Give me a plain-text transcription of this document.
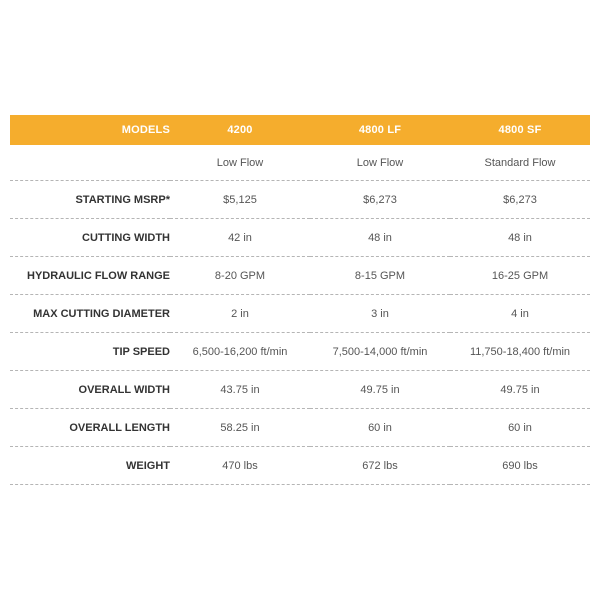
MODELS	4200	4800 LF	4800 SF
	Low Flow	Low Flow	Standard Flow
STARTING MSRP*	$5,125	$6,273	$6,273
CUTTING WIDTH	42 in	48 in	48 in
HYDRAULIC FLOW RANGE	8-20 GPM	8-15 GPM	16-25 GPM
MAX CUTTING DIAMETER	2 in	3 in	4 in
TIP SPEED	6,500-16,200 ft/min	7,500-14,000 ft/min	11,750-18,400 ft/min
OVERALL WIDTH	43.75 in	49.75 in	49.75 in
OVERALL LENGTH	58.25 in	60 in	60 in
WEIGHT	470 lbs	672 lbs	690 lbs
